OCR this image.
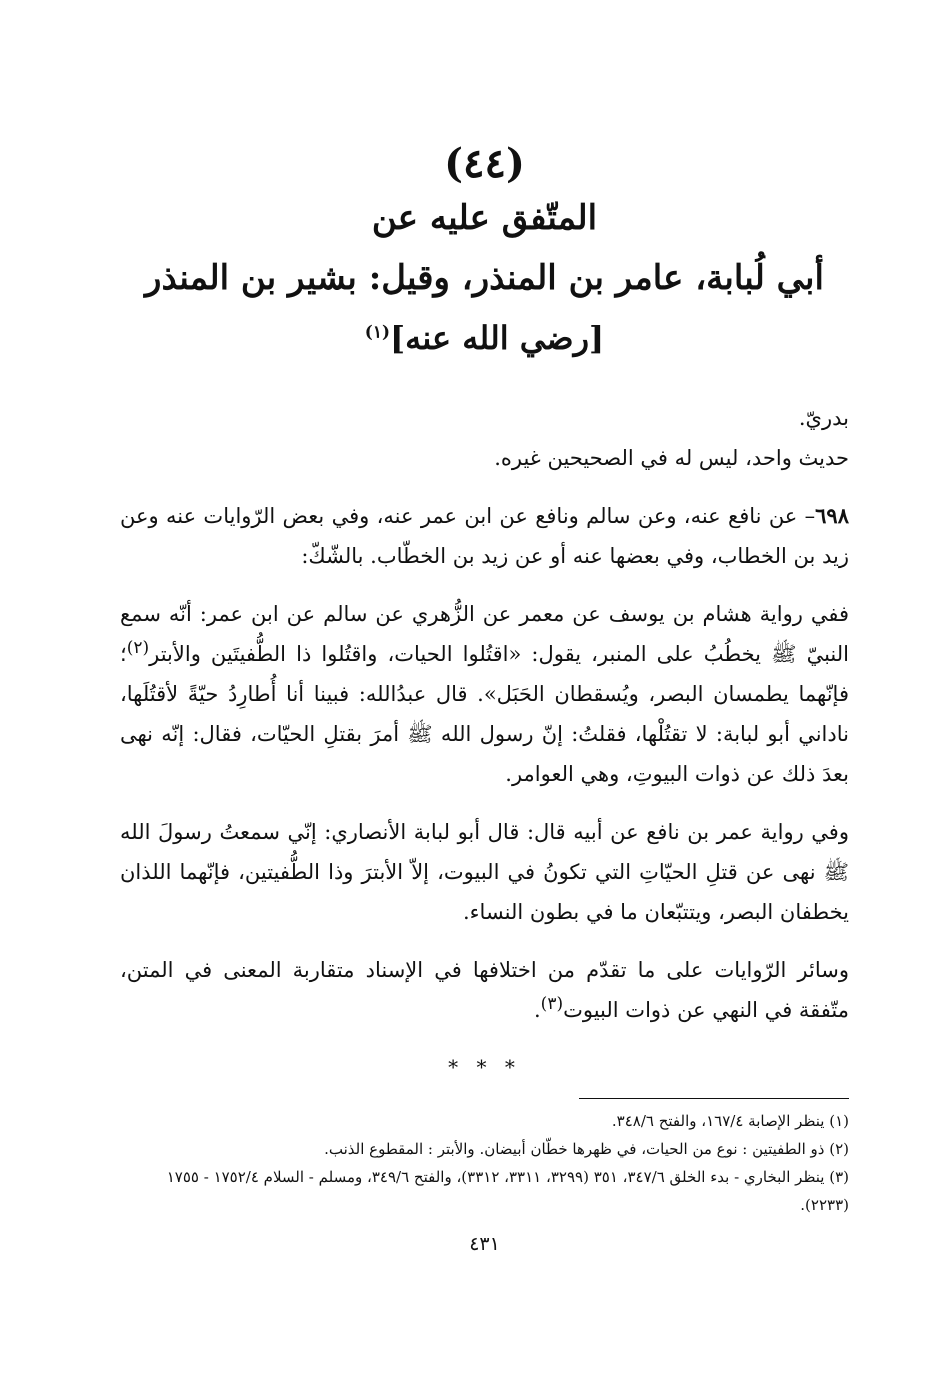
(٤٤)

المتّفق عليه عن
أبي لُبابة، عامر بن المنذر، وقيل: بشير بن المنذر
[رضي الله عنه]$^{(١)}$

بدريّ.

حديث واحد، ليس له في الصحيحين غيره.

٦٩٨– عن نافع عنه، وعن سالم ونافع عن ابن عمر عنه، وفي بعض الرّوايات عنه وعن زيد بن الخطاب، وفي بعضها عنه أو عن زيد بن الخطّاب. بالشّكّ:

ففي رواية هشام بن يوسف عن معمر عن الزُّهري عن سالم عن ابن عمر: أنّه سمع النبيّ ﷺ يخطُبُ على المنبر، يقول: «اقتُلوا الحيات، واقتُلوا ذا الطُّفيتَين والأبتر$^{(٢)}$؛ فإنّهما يطمسان البصر، ويُسقطان الحَبَل». قال عبدُالله: فبينا أنا أُطارِدُ حيّةً لأقتُلَها، ناداني أبو لبابة: لا تقتُلْها، فقلتُ: إنّ رسول الله ﷺ أمرَ بقتلِ الحيّات، فقال: إنّه نهى بعدَ ذلك عن ذوات البيوتِ، وهي العوامر.

وفي رواية عمر بن نافع عن أبيه قال: قال أبو لبابة الأنصاري: إنّي سمعتُ رسولَ الله ﷺ نهى عن قتلِ الحيّاتِ التي تكونُ في البيوت، إلاّ الأبترَ وذا الطُّفيتين، فإنّهما اللذان يخطفان البصر، ويتتبّعان ما في بطون النساء.

وسائر الرّوايات على ما تقدّم من اختلافها في الإسناد متقاربة المعنى في المتن، متّفقة في النهي عن ذوات البيوت$^{(٣)}$.

* * *

(١) ينظر الإصابة ١٦٧/٤، والفتح ٣٤٨/٦.

(٢) ذو الطفيتين : نوع من الحيات، في ظهرها خطّان أبيضان. والأبتر : المقطوع الذنب.

(٣) ينظر البخاري - بدء الخلق ٣٤٧/٦، ٣٥١ (٣٢٩٩، ٣٣١١، ٣٣١٢)، والفتح ٣٤٩/٦، ومسلم - السلام ١٧٥٢/٤ - ١٧٥٥ (٢٢٣٣).

٤٣١
